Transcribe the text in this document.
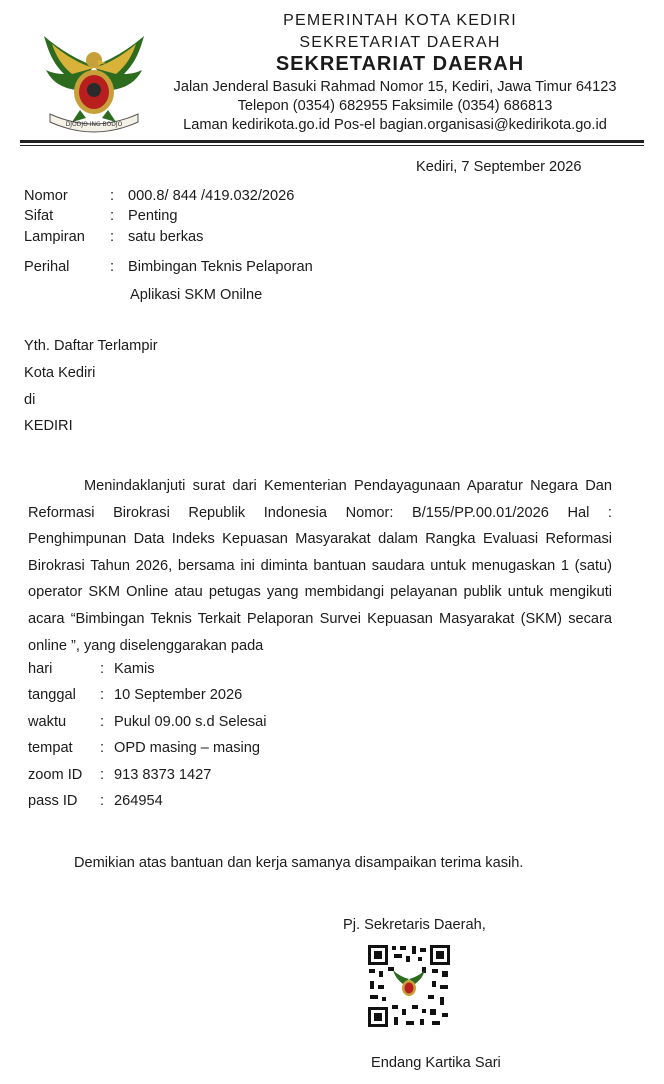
DJODJO ING BODJO
PEMERINTAH KOTA KEDIRI
SEKRETARIAT DAERAH
SEKRETARIAT DAERAH
Jalan Jenderal Basuki Rahmad Nomor 15, Kediri, Jawa Timur 64123
Telepon (0354) 682955 Faksimile (0354) 686813
Laman kedirikota.go.id Pos-el bagian.organisasi@kedirikota.go.id
Kediri, 7 September 2026
Nomor	: 000.8/ 844 /419.032/2026
Sifat	: Penting
Lampiran : satu berkas
Perihal	: Bimbingan Teknis Pelaporan
Aplikasi SKM Onilne
Yth. Daftar Terlampir
Kota Kediri
di
KEDIRI

Menindaklanjuti surat dari Kementerian Pendayagunaan Aparatur Negara Dan Reformasi Birokrasi Republik Indonesia Nomor: B/155/PP.00.01/2026 Hal : Penghimpunan Data Indeks Kepuasan Masyarakat dalam Rangka Evaluasi Reformasi Birokrasi Tahun 2026, bersama ini diminta bantuan saudara untuk menugaskan 1 (satu) operator SKM Online atau petugas yang membidangi pelayanan publik untuk mengikuti acara “Bimbingan Teknis Terkait Pelaporan Survei Kepuasan Masyarakat (SKM) secara online ”, yang diselenggarakan pada

hari	: Kamis
tanggal : 10 September 2026
waktu : Pukul 09.00 s.d Selesai
tempat : OPD masing – masing
zoom ID : 913 8373 1427
pass ID : 264954
Demikian atas bantuan dan kerja samanya disampaikan terima kasih.
Pj. Sekretaris Daerah,
Endang Kartika Sari
